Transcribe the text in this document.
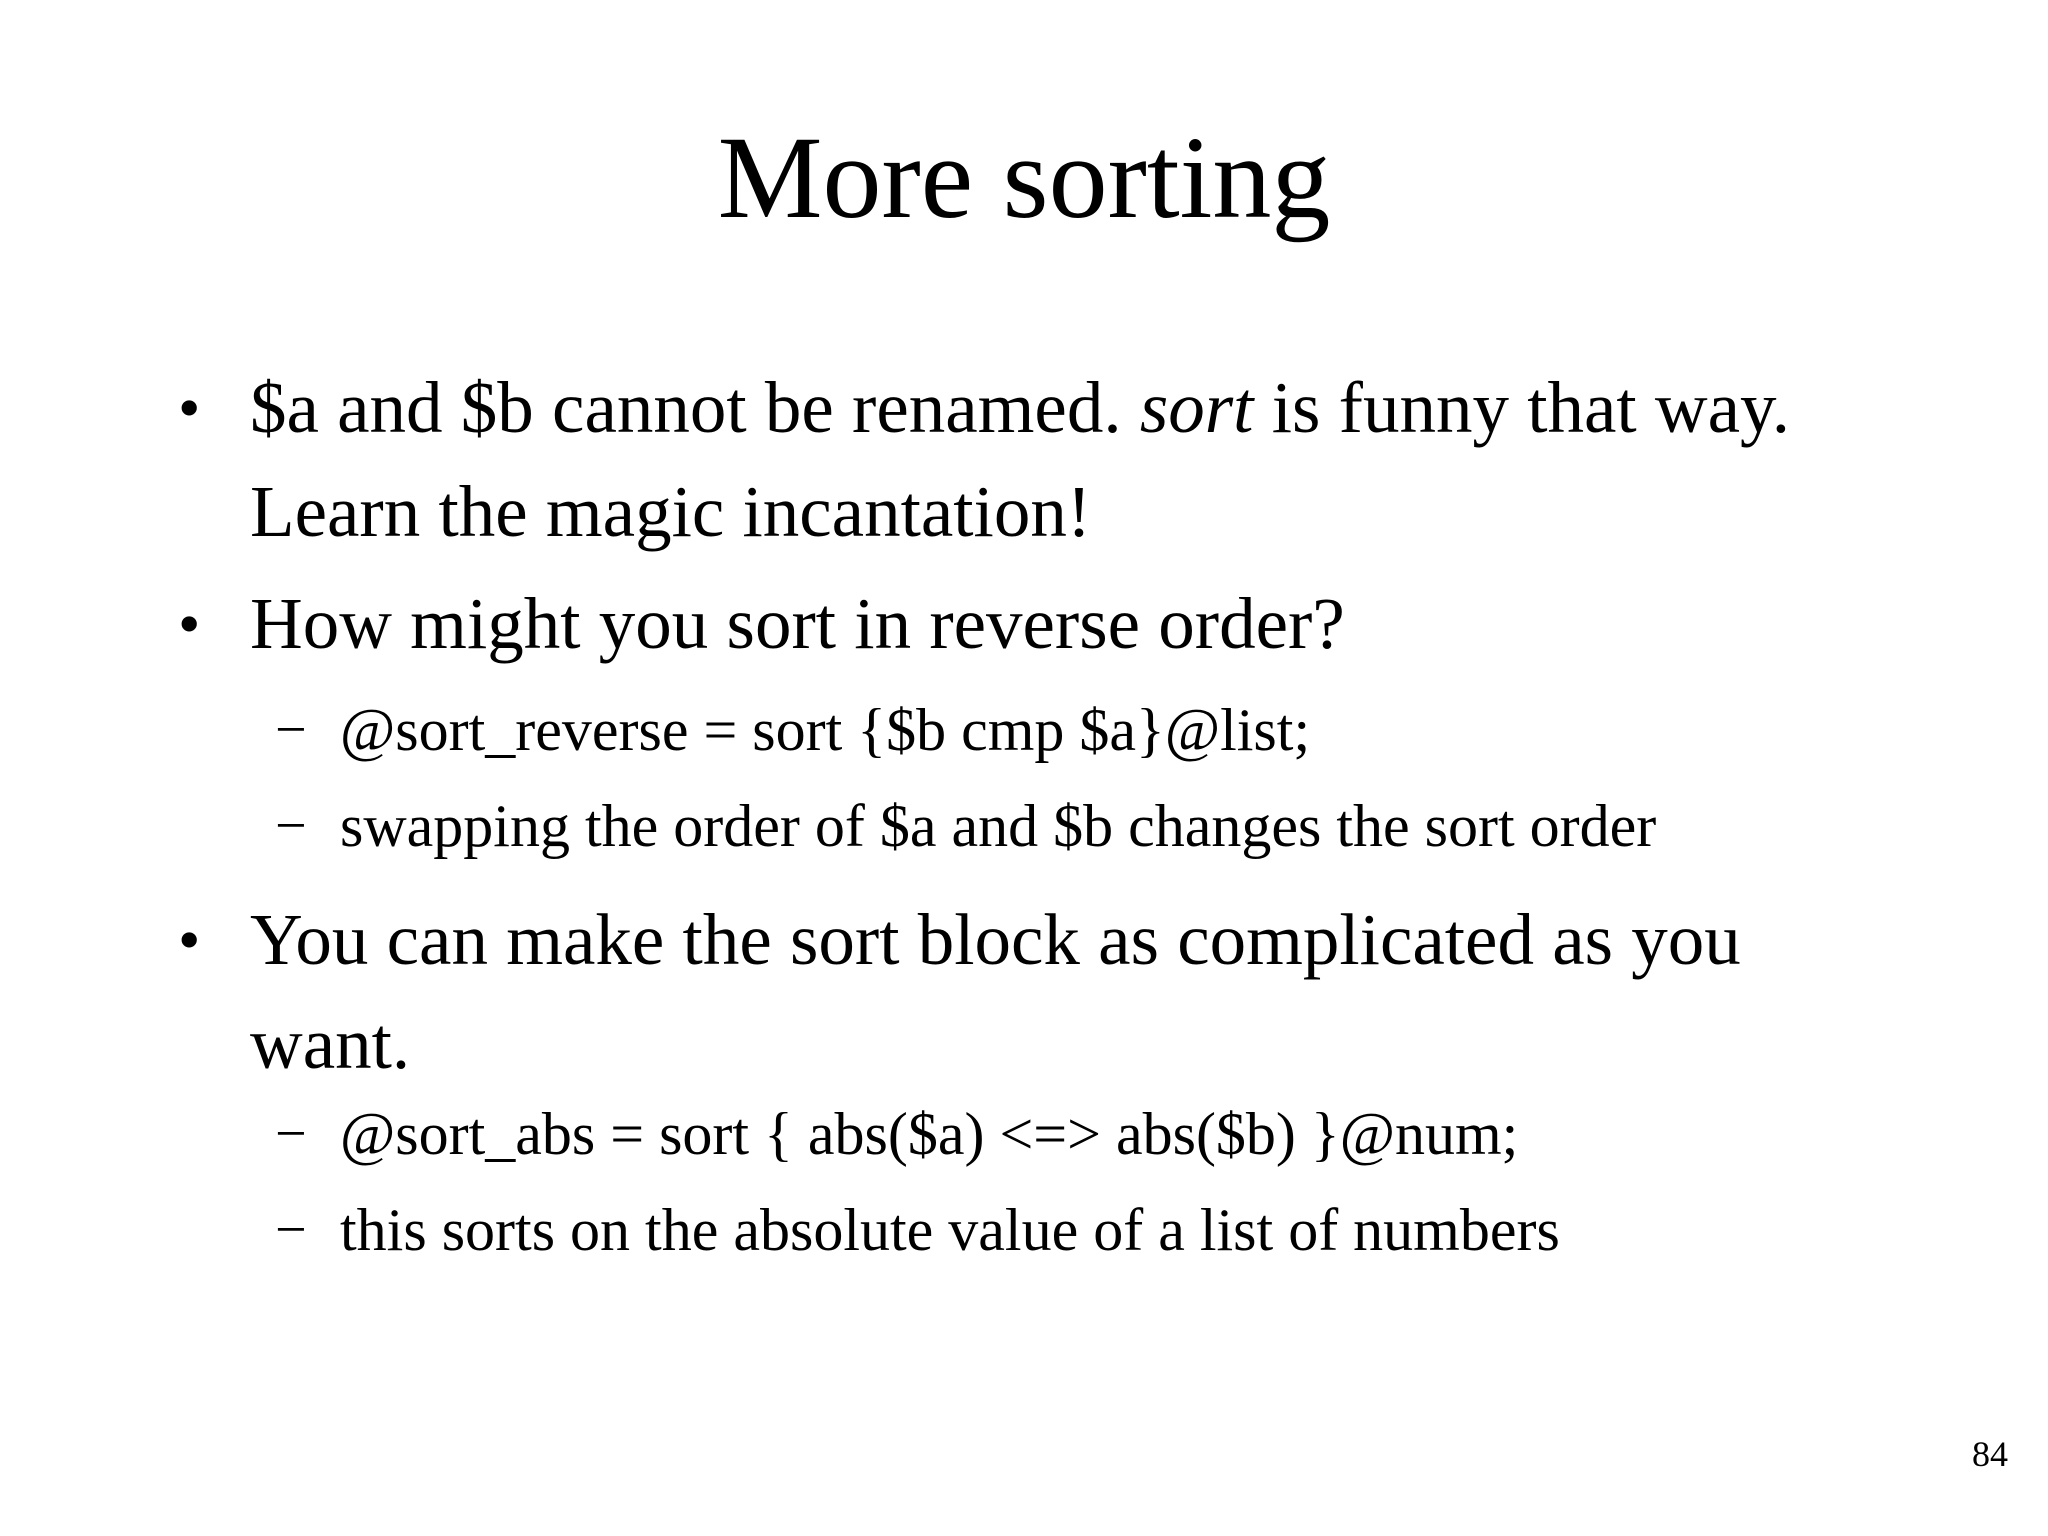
More sorting
• $a and $b cannot be renamed. sort is funny that way. Learn the magic incantation!
• How might you sort in reverse order?
− @sort_reverse = sort {$b cmp $a}@list;
− swapping the order of $a and $b changes the sort order
• You can make the sort block as complicated as you want.
− @sort_abs = sort { abs($a) <=> abs($b) }@num;
− this sorts on the absolute value of a list of numbers
84
